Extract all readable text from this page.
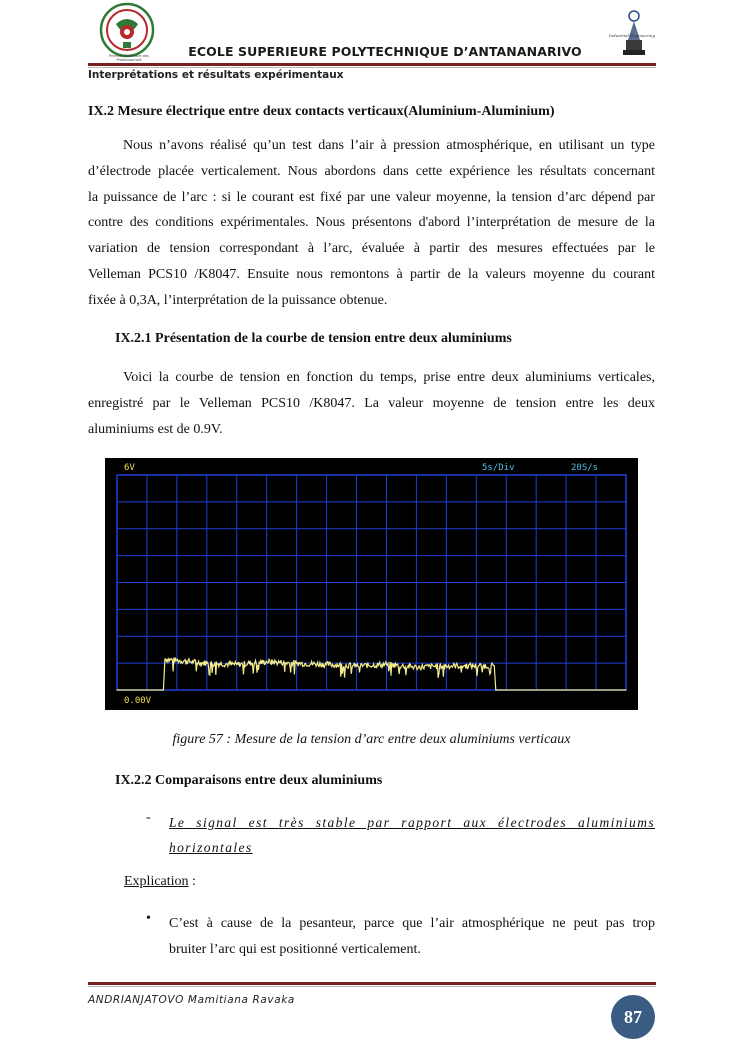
Premier Partenaire des Professionnels
Industrial Engineering
ECOLE SUPERIEURE POLYTECHNIQUE D’ANTANANARIVO
Interprétations et résultats expérimentaux
IX.2 Mesure électrique entre deux contacts verticaux(Aluminium-Aluminium)
Nous n’avons réalisé qu’un test dans l’air à pression atmosphérique, en utilisant un type
d’électrode placée verticalement. Nous abordons dans cette expérience les résultats concernant
la puissance de l’arc : si le courant est fixé par une valeur moyenne, la tension d’arc dépend par
contre des conditions expérimentales. Nous présentons d'abord l’interprétation de mesure de la
variation de tension correspondant à l’arc, évaluée à partir des mesures effectuées par le
Velleman PCS10 /K8047. Ensuite nous remontons à partir de la valeurs moyenne du courant
fixée à 0,3A, l’interprétation de la puissance obtenue.
IX.2.1 Présentation de la courbe de tension entre deux aluminiums
Voici la courbe de tension en fonction du temps, prise entre deux aluminiums verticales,
enregistré par le Velleman PCS10 /K8047. La valeur moyenne de tension entre les deux
aluminiums est de 0.9V.
6V	5s/Div	20S/s
0.00V
figure 57 : Mesure de la tension d’arc entre deux aluminiums verticaux
IX.2.2 Comparaisons entre deux aluminiums
- Le signal est très stable par rapport aux électrodes aluminiums
horizontales
Explication :
• C’est à cause de la pesanteur, parce que l’air atmosphérique ne peut pas trop
bruiter l’arc qui est positionné verticalement.
ANDRIANJATOVO Mamitiana Ravaka
87
